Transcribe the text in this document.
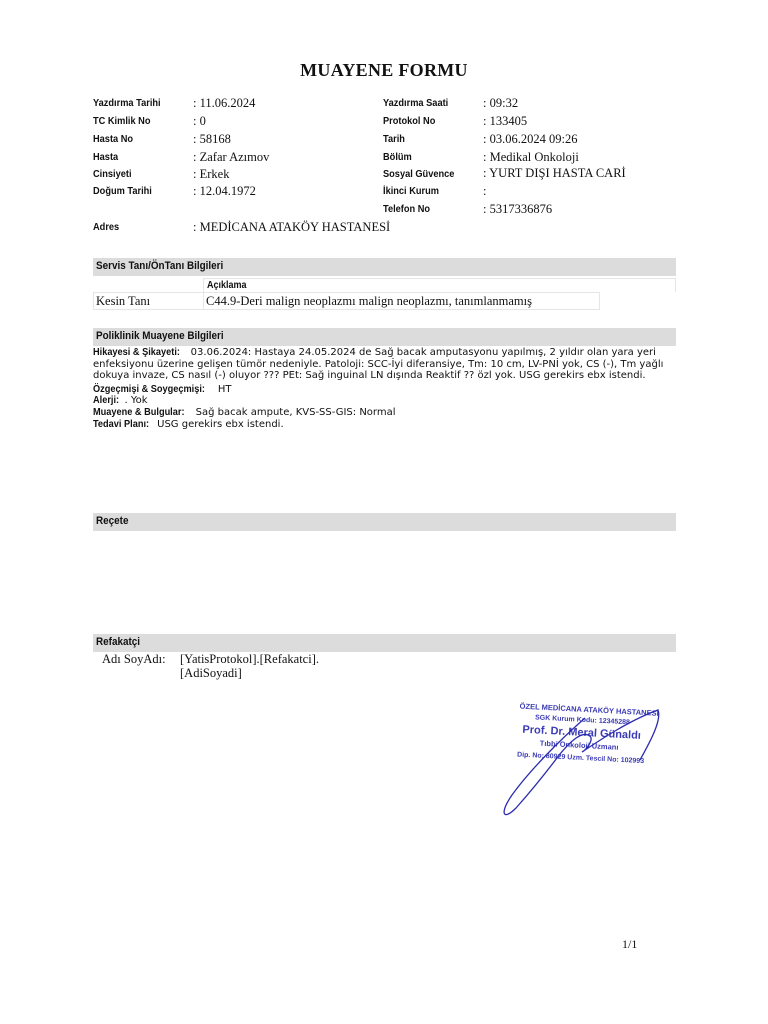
MUAYENE FORMU
Yazdırma Tarihi	: 11.06.2024
TC Kimlik No	: 0
Hasta No	: 58168
Hasta	: Zafar Azımov
Cinsiyeti	: Erkek
Doğum Tarihi	: 12.04.1972
Adres	: MEDİCANA ATAKÖY HASTANESİ
Yazdırma Saati	: 09:32
Protokol No	: 133405
Tarih	: 03.06.2024 09:26
Bölüm	: Medikal Onkoloji
Sosyal Güvence : YURT DIŞI HASTA CARİ
İkinci Kurum	:
Telefon No	: 5317336876
Servis Tanı/ÖnTanı Bilgileri
Açıklama
Kesin Tanı	C44.9-Deri malign neoplazmı malign neoplazmı, tanımlanmamış
Poliklinik Muayene Bilgileri
Hikayesi & Şikayeti: 03.06.2024: Hastaya 24.05.2024 de Sağ bacak amputasyonu yapılmış, 2 yıldır olan yara yeri
enfeksiyonu üzerine gelişen tümör nedeniyle. Patoloji: SCC-İyi diferansiye, Tm: 10 cm, LV-PNİ yok, CS (-), Tm yağlı
dokuya invaze, CS nasıl (-) oluyor ??? PEt: Sağ inguinal LN dışında Reaktif ?? özl yok. USG gerekirs ebx istendi.
Özgeçmişi & Soygeçmişi: HT
Alerji: . Yok
Muayene & Bulgular: Sağ bacak ampute, KVS-SS-GIS: Normal
Tedavi Planı: USG gerekirs ebx istendi.
Reçete
Refakatçi
Adı SoyAdı: [YatisProtokol].[Refakatci].
[AdiSoyadi]
ÖZEL MEDİCANA ATAKÖY HASTANESİ
SGK Kurum Kodu: 12345288
Prof. Dr. Meral Günaldı
Tıbbi Onkoloji Uzmanı
Dip. No: 80929 Uzm. Tescil No: 102993
1/1
